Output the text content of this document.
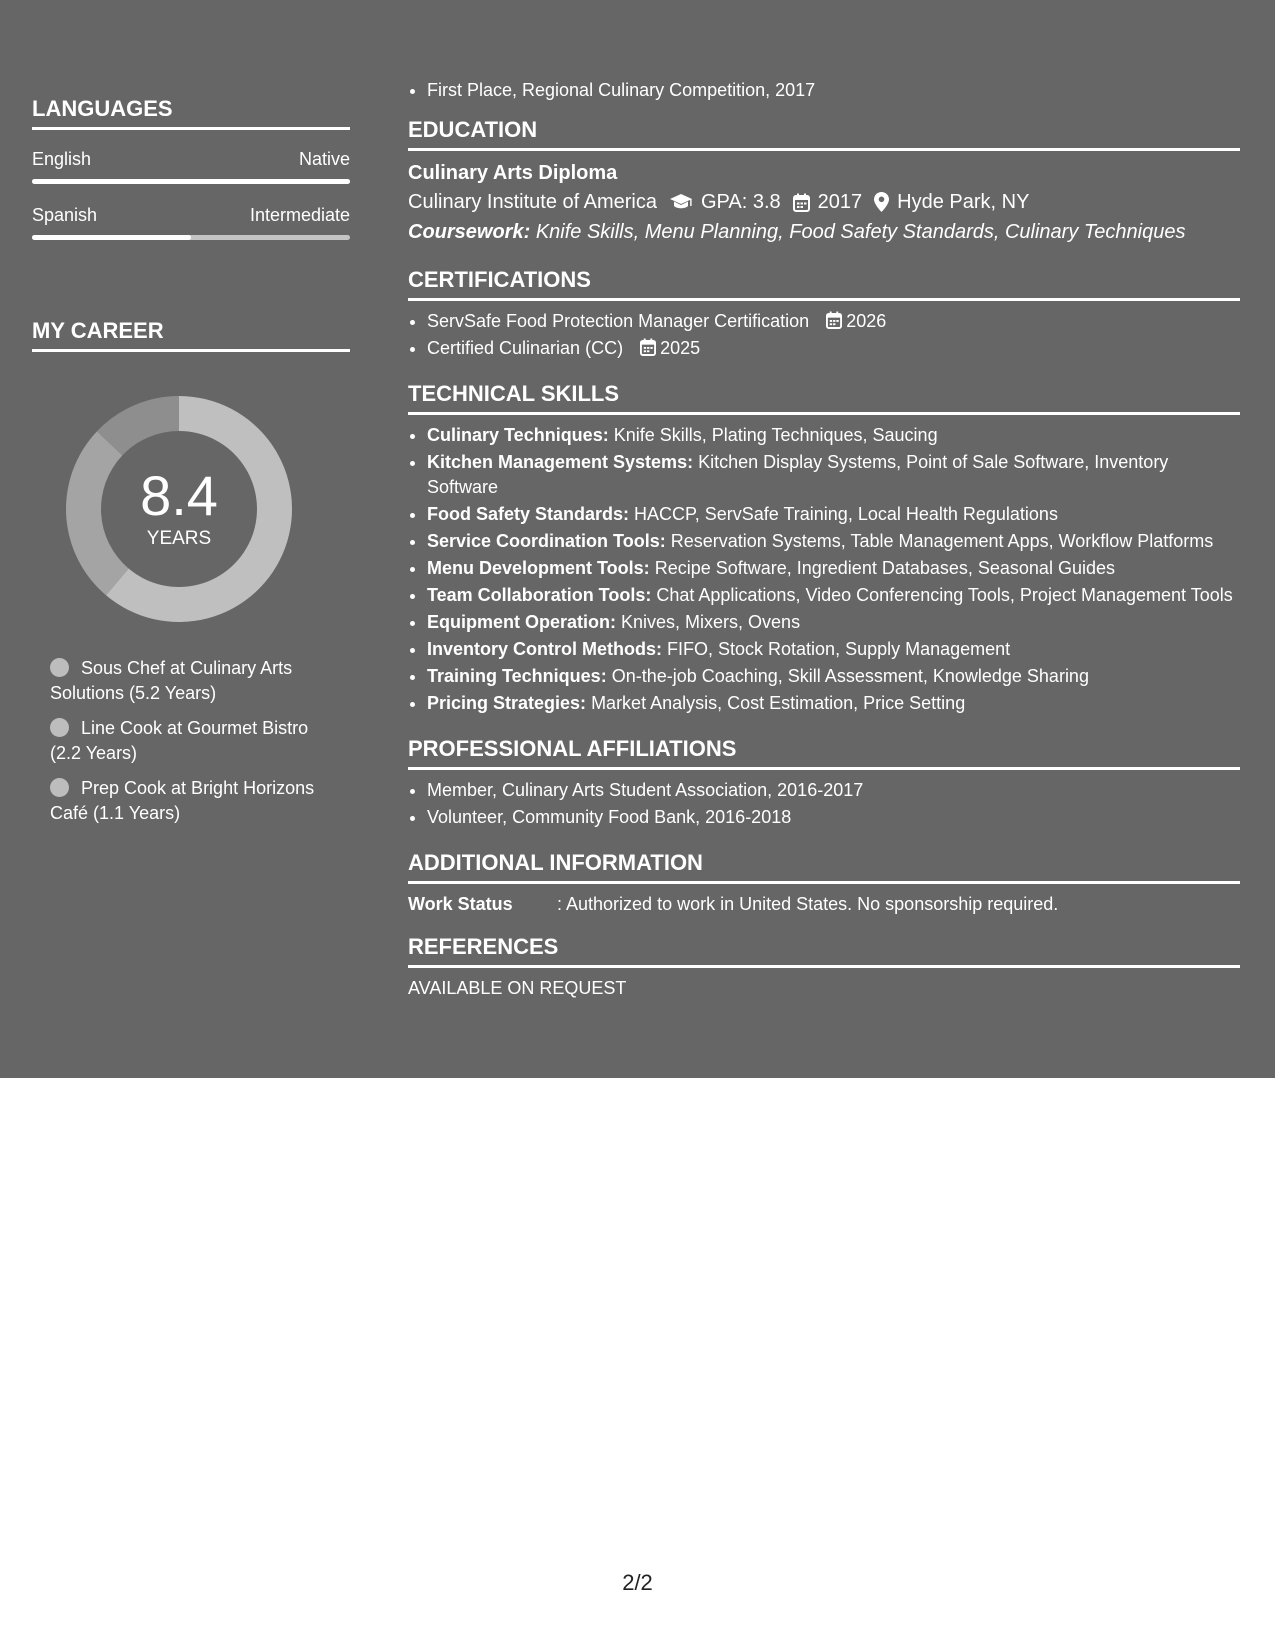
LANGUAGES
English	Native
Spanish	Intermediate
MY CAREER
8.4
YEARS
Sous Chef at Culinary Arts Solutions (5.2 Years)
Line Cook at Gourmet Bistro (2.2 Years)
Prep Cook at Bright Horizons Café (1.1 Years)
• First Place, Regional Culinary Competition, 2017
EDUCATION
Culinary Arts Diploma
Culinary Institute of America GPA: 3.8 2017 Hyde Park, NY
Coursework: Knife Skills, Menu Planning, Food Safety Standards, Culinary Techniques
CERTIFICATIONS
• ServSafe Food Protection Manager Certification 2026
• Certified Culinarian (CC) 2025
TECHNICAL SKILLS
• Culinary Techniques: Knife Skills, Plating Techniques, Saucing
• Kitchen Management Systems: Kitchen Display Systems, Point of Sale Software, Inventory Software
• Food Safety Standards: HACCP, ServSafe Training, Local Health Regulations
• Service Coordination Tools: Reservation Systems, Table Management Apps, Workflow Platforms
• Menu Development Tools: Recipe Software, Ingredient Databases, Seasonal Guides
• Team Collaboration Tools: Chat Applications, Video Conferencing Tools, Project Management Tools
• Equipment Operation: Knives, Mixers, Ovens
• Inventory Control Methods: FIFO, Stock Rotation, Supply Management
• Training Techniques: On-the-job Coaching, Skill Assessment, Knowledge Sharing
• Pricing Strategies: Market Analysis, Cost Estimation, Price Setting
PROFESSIONAL AFFILIATIONS
• Member, Culinary Arts Student Association, 2016-2017
• Volunteer, Community Food Bank, 2016-2018
ADDITIONAL INFORMATION
Work Status	: Authorized to work in United States. No sponsorship required.
REFERENCES
AVAILABLE ON REQUEST
2/2
